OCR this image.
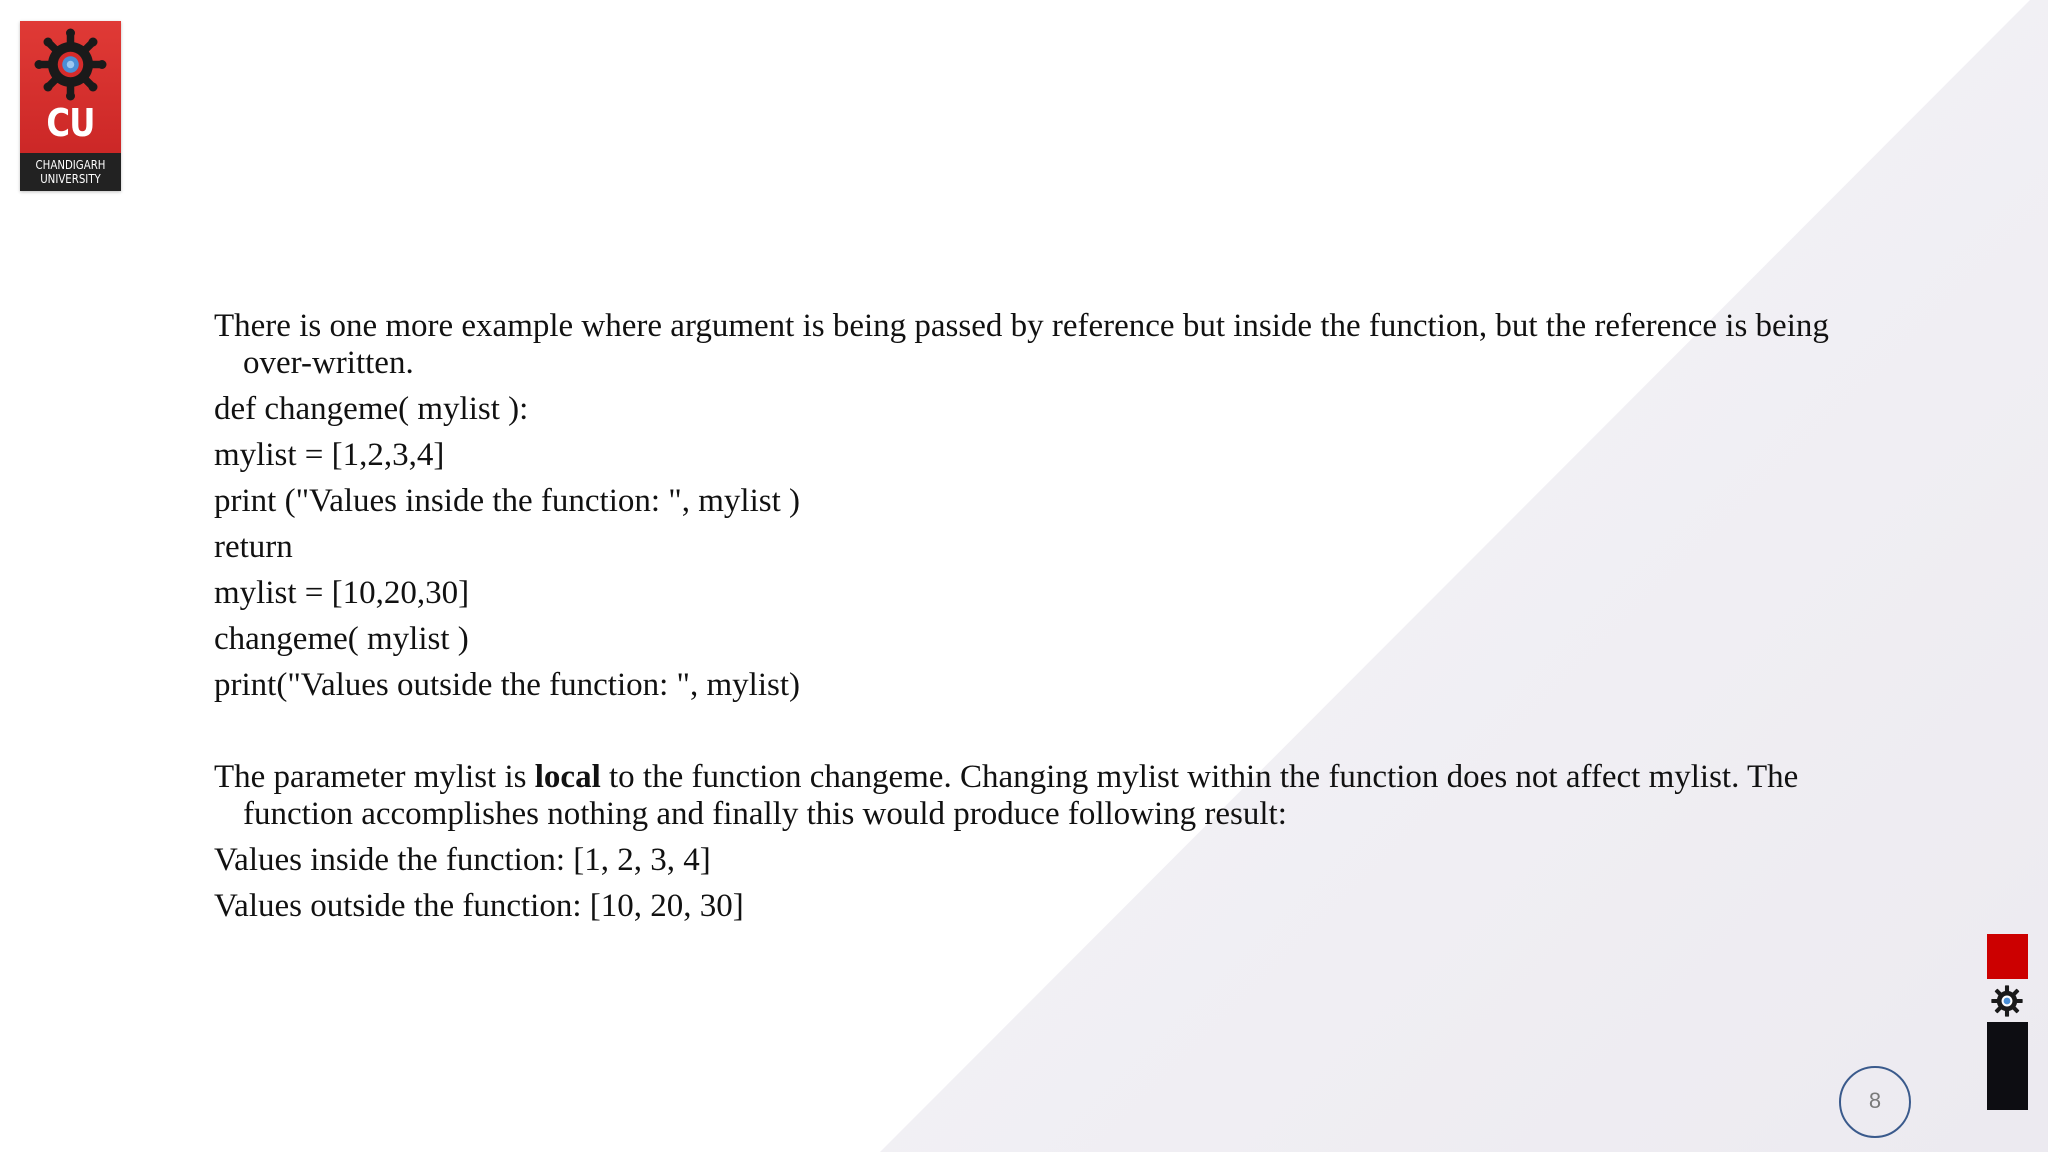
CU
CHANDIGARH
UNIVERSITY

There is one more example where argument is being passed by reference but inside the function, but the reference is being
over-written.

def changeme( mylist ):

mylist = [1,2,3,4]

print ("Values inside the function: ", mylist )

return

mylist = [10,20,30]

changeme( mylist )

print("Values outside the function: ", mylist)

The parameter mylist is local to the function changeme. Changing mylist within the function does not affect mylist. The
function accomplishes nothing and finally this would produce following result:

Values inside the function: [1, 2, 3, 4]

Values outside the function: [10, 20, 30]

8
